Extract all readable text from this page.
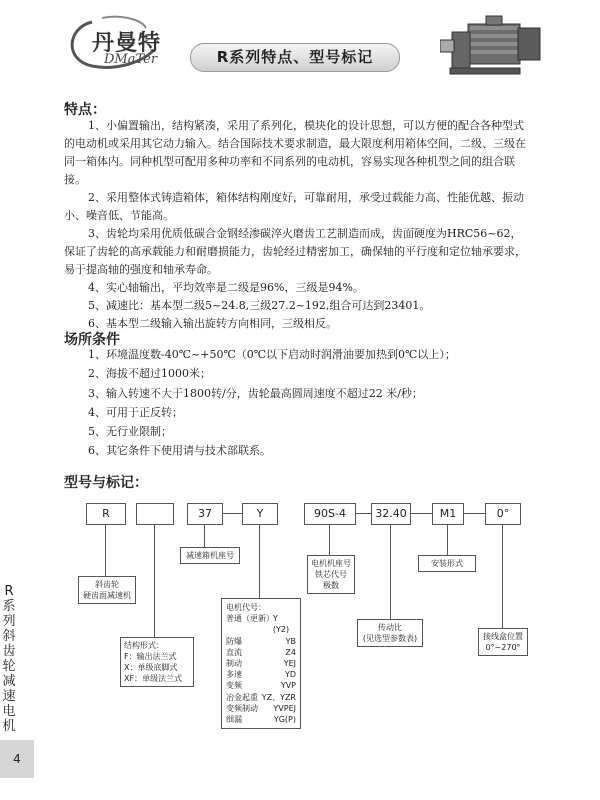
丹曼特
DMaTer	R系列特点、型号标记
特点：

1、小偏置输出，结构紧凑，采用了系列化，模块化的设计思想，可以方便的配合各种型式的电动机或采用其它动力输入。结合国际技术要求制造，最大限度利用箱体空间，二级、三级在同一箱体内。同种机型可配用多种功率和不同系列的电动机，容易实现各种机型之间的组合联接。

2、采用整体式铸造箱体，箱体结构刚度好，可靠耐用，承受过载能力高、性能优越、振动小、噪音低、节能高。

3、齿轮均采用优质低碳合金钢经渗碳淬火磨齿工艺制造而成，齿面硬度为HRC56~62，保证了齿轮的高承载能力和耐磨损能力，齿轮经过精密加工，确保轴的平行度和定位轴承要求，易于提高轴的强度和轴承寿命。

4、实心轴输出，平均效率是二级是96%，三级是94%。

5、减速比：基本型二级5~24.8,三级27.2~192,组合可达到23401。

6、基本型二级输入输出旋转方向相同，三级相反。

场所条件
1、环境温度数-40℃~+50℃（0℃以下启动时润滑油要加热到0℃以上）；
2、海拔不超过1000米；
3、输入转速不大于1800转/分，齿轮最高圆周速度不超过22 米/秒；
4、可用于正反转；
5、无行业限制；
6、其它条件下使用请与技术部联系。
型号与标记：
R	37	Y	90S-4	32.40	M1	0°
斜齿轮
硬齿面减速机
减速箱机座号
电机机座号
铁芯代号
极数
安装形式
传动比
(见选型参数表)	接线盒位置
0°~270°
结构形式：
F：输出法兰式
X：单级底脚式
XF：单级法兰式
电机代号：
普通（更新）
Y (Y2)
防爆	YB
直流	Z4
制动	YEJ
多速	YD
变频	YVP
冶金起重 YZ、YZR
变频制动 YVPEJ
细漏	YG(P)
R
系
列
斜
齿
轮
减
速
电
机
4
